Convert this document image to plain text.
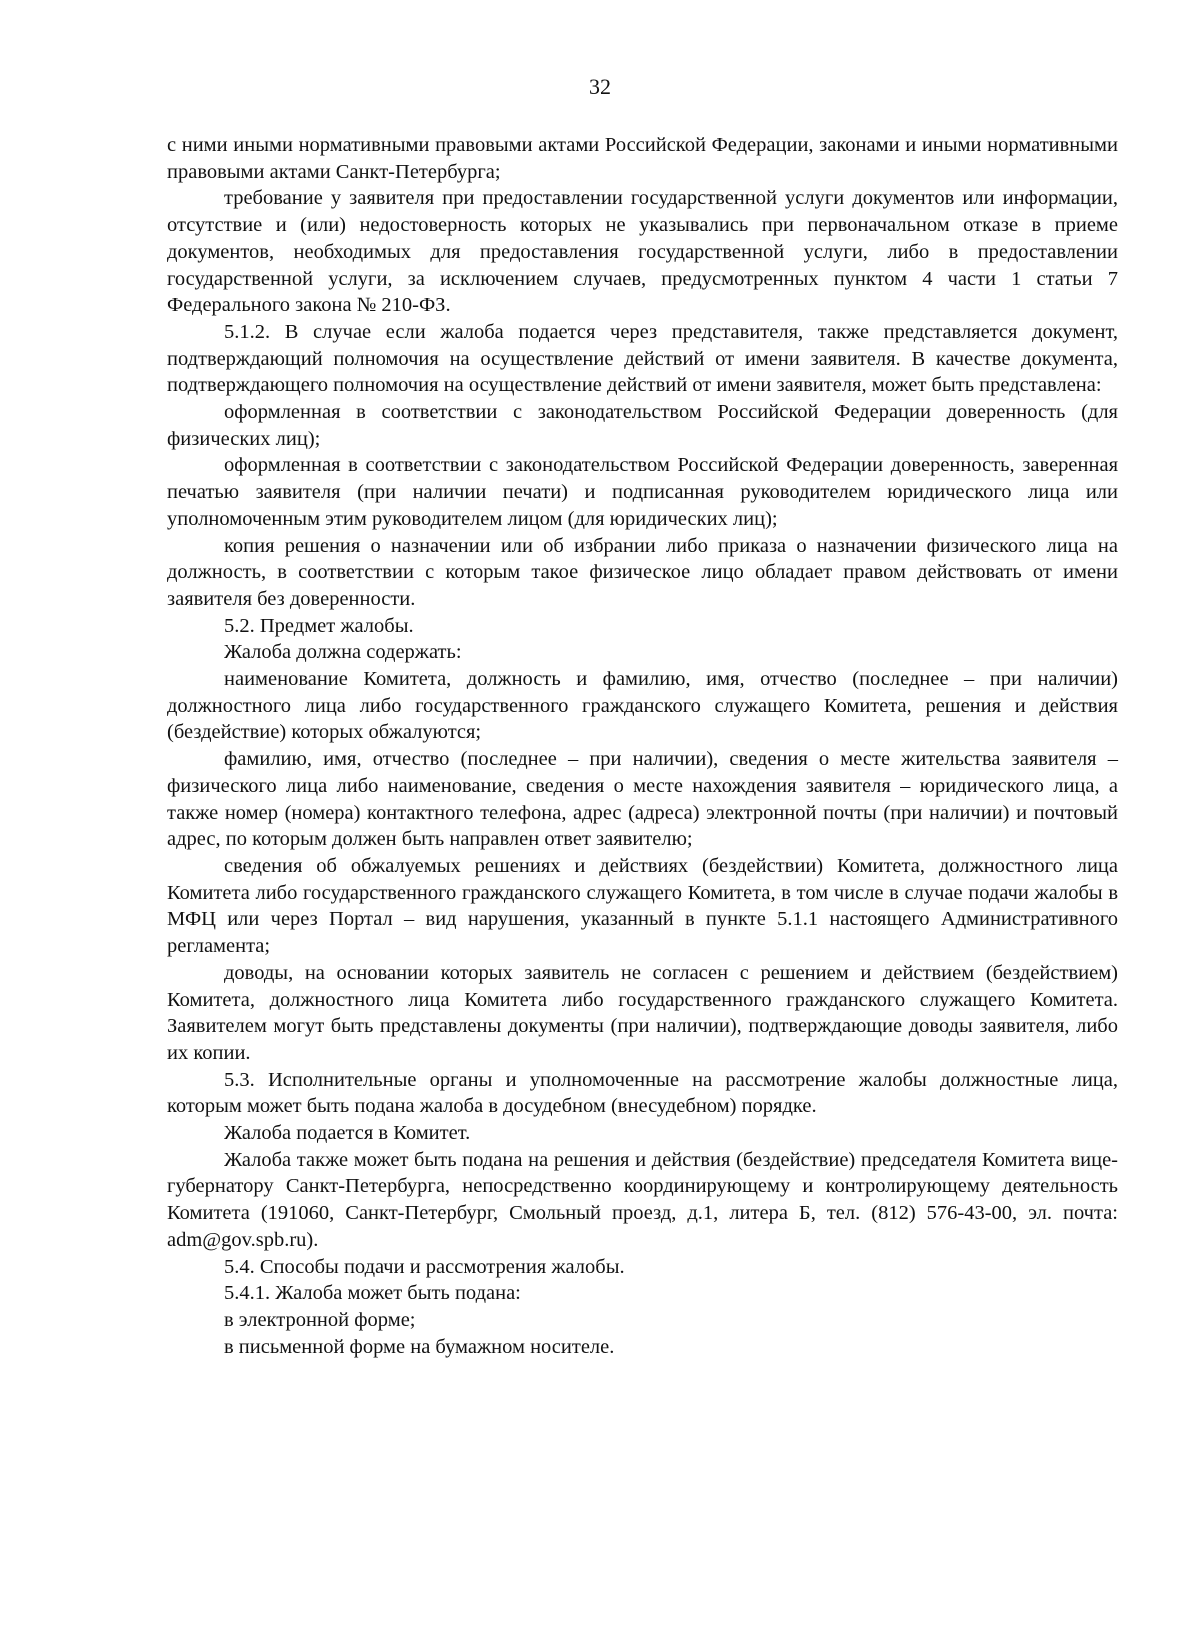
32

с ними иными нормативными правовыми актами Российской Федерации, законами и иными нормативными правовыми актами Санкт-Петербурга;

требование у заявителя при предоставлении государственной услуги документов или информации, отсутствие и (или) недостоверность которых не указывались при первоначальном отказе в приеме документов, необходимых для предоставления государственной услуги, либо в предоставлении государственной услуги, за исключением случаев, предусмотренных пунктом 4 части 1 статьи 7 Федерального закона № 210-ФЗ.

5.1.2. В случае если жалоба подается через представителя, также представляется документ, подтверждающий полномочия на осуществление действий от имени заявителя. В качестве документа, подтверждающего полномочия на осуществление действий от имени заявителя, может быть представлена:

оформленная в соответствии с законодательством Российской Федерации доверенность (для физических лиц);

оформленная в соответствии с законодательством Российской Федерации доверенность, заверенная печатью заявителя (при наличии печати) и подписанная руководителем юридического лица или уполномоченным этим руководителем лицом (для юридических лиц);

копия решения о назначении или об избрании либо приказа о назначении физического лица на должность, в соответствии с которым такое физическое лицо обладает правом действовать от имени заявителя без доверенности.

5.2. Предмет жалобы.

Жалоба должна содержать:

наименование Комитета, должность и фамилию, имя, отчество (последнее – при наличии) должностного лица либо государственного гражданского служащего Комитета, решения и действия (бездействие) которых обжалуются;

фамилию, имя, отчество (последнее – при наличии), сведения о месте жительства заявителя – физического лица либо наименование, сведения о месте нахождения заявителя – юридического лица, а также номер (номера) контактного телефона, адрес (адреса) электронной почты (при наличии) и почтовый адрес, по которым должен быть направлен ответ заявителю;

сведения об обжалуемых решениях и действиях (бездействии) Комитета, должностного лица Комитета либо государственного гражданского служащего Комитета, в том числе в случае подачи жалобы в МФЦ или через Портал – вид нарушения, указанный в пункте 5.1.1 настоящего Административного регламента;

доводы, на основании которых заявитель не согласен с решением и действием (бездействием) Комитета, должностного лица Комитета либо государственного гражданского служащего Комитета. Заявителем могут быть представлены документы (при наличии), подтверждающие доводы заявителя, либо их копии.

5.3. Исполнительные органы и уполномоченные на рассмотрение жалобы должностные лица, которым может быть подана жалоба в досудебном (внесудебном) порядке.

Жалоба подается в Комитет.

Жалоба также может быть подана на решения и действия (бездействие) председателя Комитета вице-губернатору Санкт-Петербурга, непосредственно координирующему и контролирующему деятельность Комитета (191060, Санкт-Петербург, Смольный проезд, д.1, литера Б, тел. (812) 576-43-00, эл. почта: adm@gov.spb.ru).

5.4. Способы подачи и рассмотрения жалобы.

5.4.1. Жалоба может быть подана:

в электронной форме;

в письменной форме на бумажном носителе.
